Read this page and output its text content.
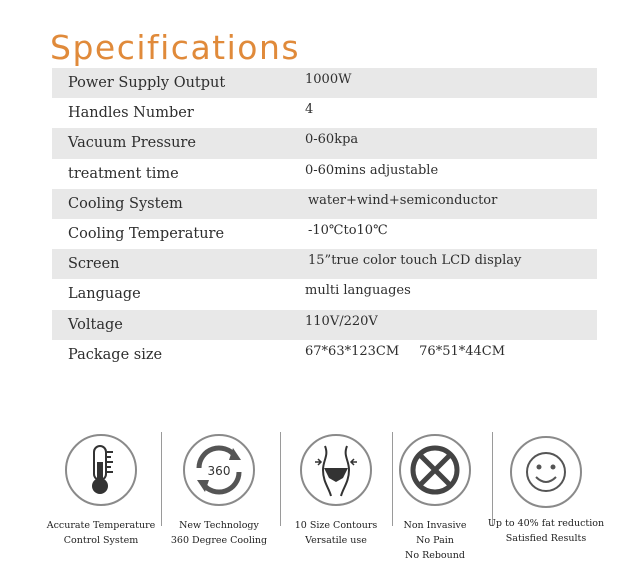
Specifications
Power Supply Output	1000W
Handles Number	4
Vacuum Pressure	0-60kpa
treatment time	0-60mins adjustable
Cooling System	water+wind+semiconductor
Cooling Temperature	-10℃to10℃
Screen	15”true color touch LCD display
Language	multi languages
Voltage	110V/220V
Package size	67*63*123CM 76*51*44CM
Accurate Temperature
Control System
360
New Technology
360 Degree Cooling
10 Size Contours
Versatile use
Non Invasive
No Pain
No Rebound
Up to 40% fat reduction
Satisfied Results
